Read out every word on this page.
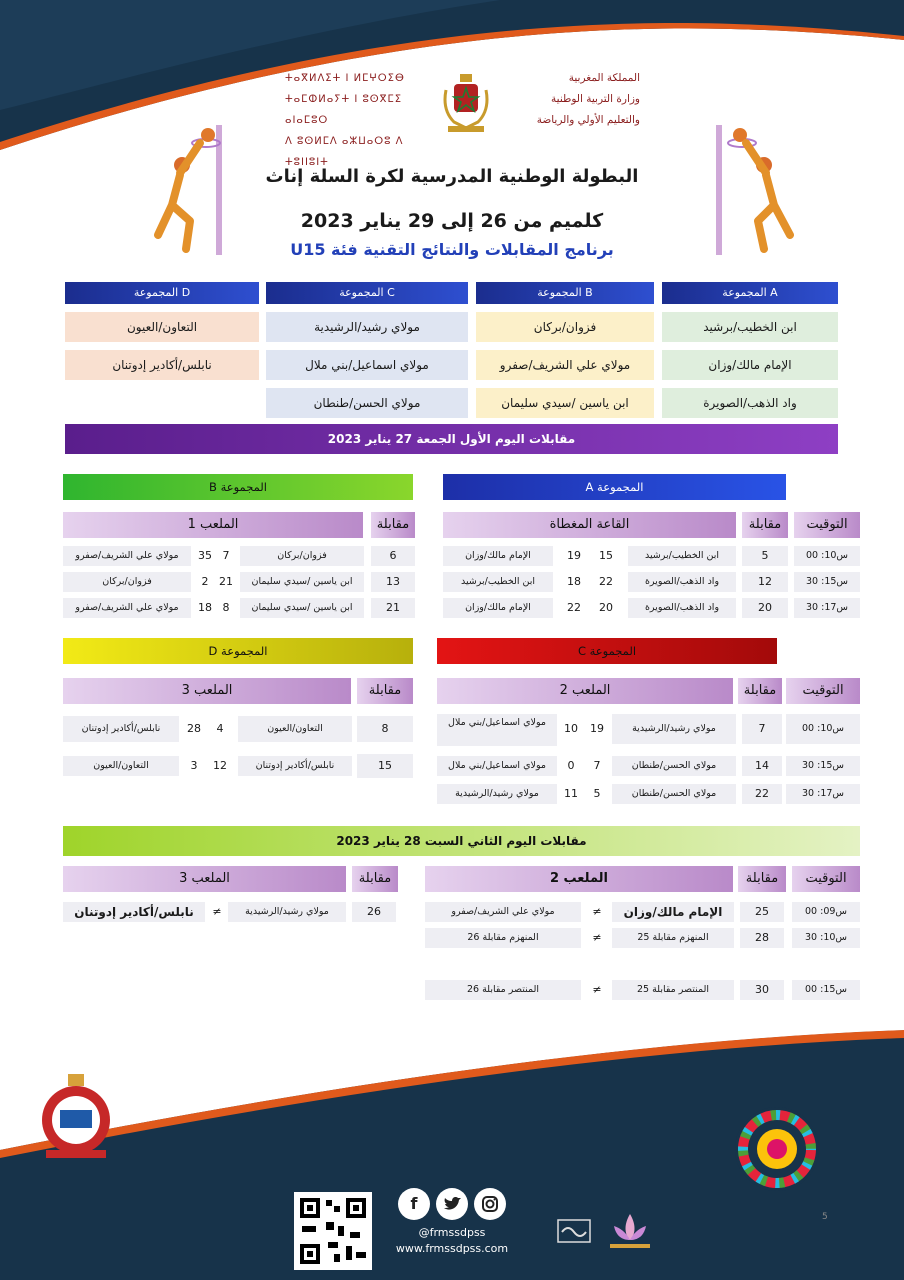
المملكة المغربية
وزارة التربية الوطنية
والتعليم الأولي والرياضة
ⵜⴰⴳⵍⴷⵉⵜ ⵏ ⵍⵎⵖⵔⵉⴱ
ⵜⴰⵎⵀⵍⴰⵢⵜ ⵏ ⵓⵙⴳⵎⵉ ⴰⵏⴰⵎⵓⵔ
ⴷ ⵓⵙⵍⵎⴷ ⴰⵣⵡⴰⵔⵓ ⴷ ⵜⵓⵏⵏⵓⵏⵜ
البطولة الوطنية المدرسية لكرة السلة إناث
كلميم من 26 إلى 29 يناير 2023
برنامج المقابلات والنتائج التقنية فئة U15
المجموعة A
المجموعة B
المجموعة C
المجموعة D
ابن الخطيب/برشيد
الإمام مالك/وزان
واد الذهب/الصويرة
فزوان/بركان
مولاي علي الشريف/صفرو
ابن ياسين /سيدي سليمان
مولاي رشيد/الرشيدية
مولاي اسماعيل/بني ملال
مولاي الحسن/طنطان
التعاون/العيون
نابلس/أكادير إدوتنان
مقابلات اليوم الأول الجمعة 27 يناير 2023
المجموعة A
المجموعة B
التوقيت
مقابلة
القاعة المغطاة
مقابلة
الملعب 1
س10: 00
5
ابن الخطيب/برشيد
15
19
الإمام مالك/وزان
س15: 30
12
واد الذهب/الصويرة
22
18
ابن الخطيب/برشيد
س17: 30
20
واد الذهب/الصويرة
20
22
الإمام مالك/وزان
6
فزوان/بركان
7
35
مولاي علي الشريف/صفرو
13
ابن ياسين /سيدي سليمان
21
2
فزوان/بركان
21
ابن ياسين /سيدي سليمان
8
18
مولاي علي الشريف/صفرو
المجموعة C
المجموعة D
التوقيت
مقابلة
الملعب 2
مقابلة
الملعب 3
س10: 00
7
مولاي رشيد/الرشيدية
19
10
مولاي اسماعيل/بني ملال
س15: 30
14
مولاي الحسن/طنطان
7
0
مولاي اسماعيل/بني ملال
س17: 30
22
مولاي الحسن/طنطان
5
11
مولاي رشيد/الرشيدية
8
التعاون/العيون
4
28
نابلس/أكادير إدوتنان
15
نابلس/أكادير إدوتنان
12
3
التعاون/العيون
مقابلات اليوم الثاني السبت 28 يناير 2023
التوقيت
مقابلة
الملعب 2
مقابلة
الملعب 3
س09: 00
25
الإمام مالك/وزان
≠
مولاي علي الشريف/صفرو
س10: 30
28
المنهزم مقابلة 25
≠
المنهزم مقابلة 26
س15: 00
30
المنتصر مقابلة 25
≠
المنتصر مقابلة 26
26
مولاي رشيد/الرشيدية
≠
نابلس/أكادير إدوتنان
5
f
@frmssdpss
www.frmssdpss.com
